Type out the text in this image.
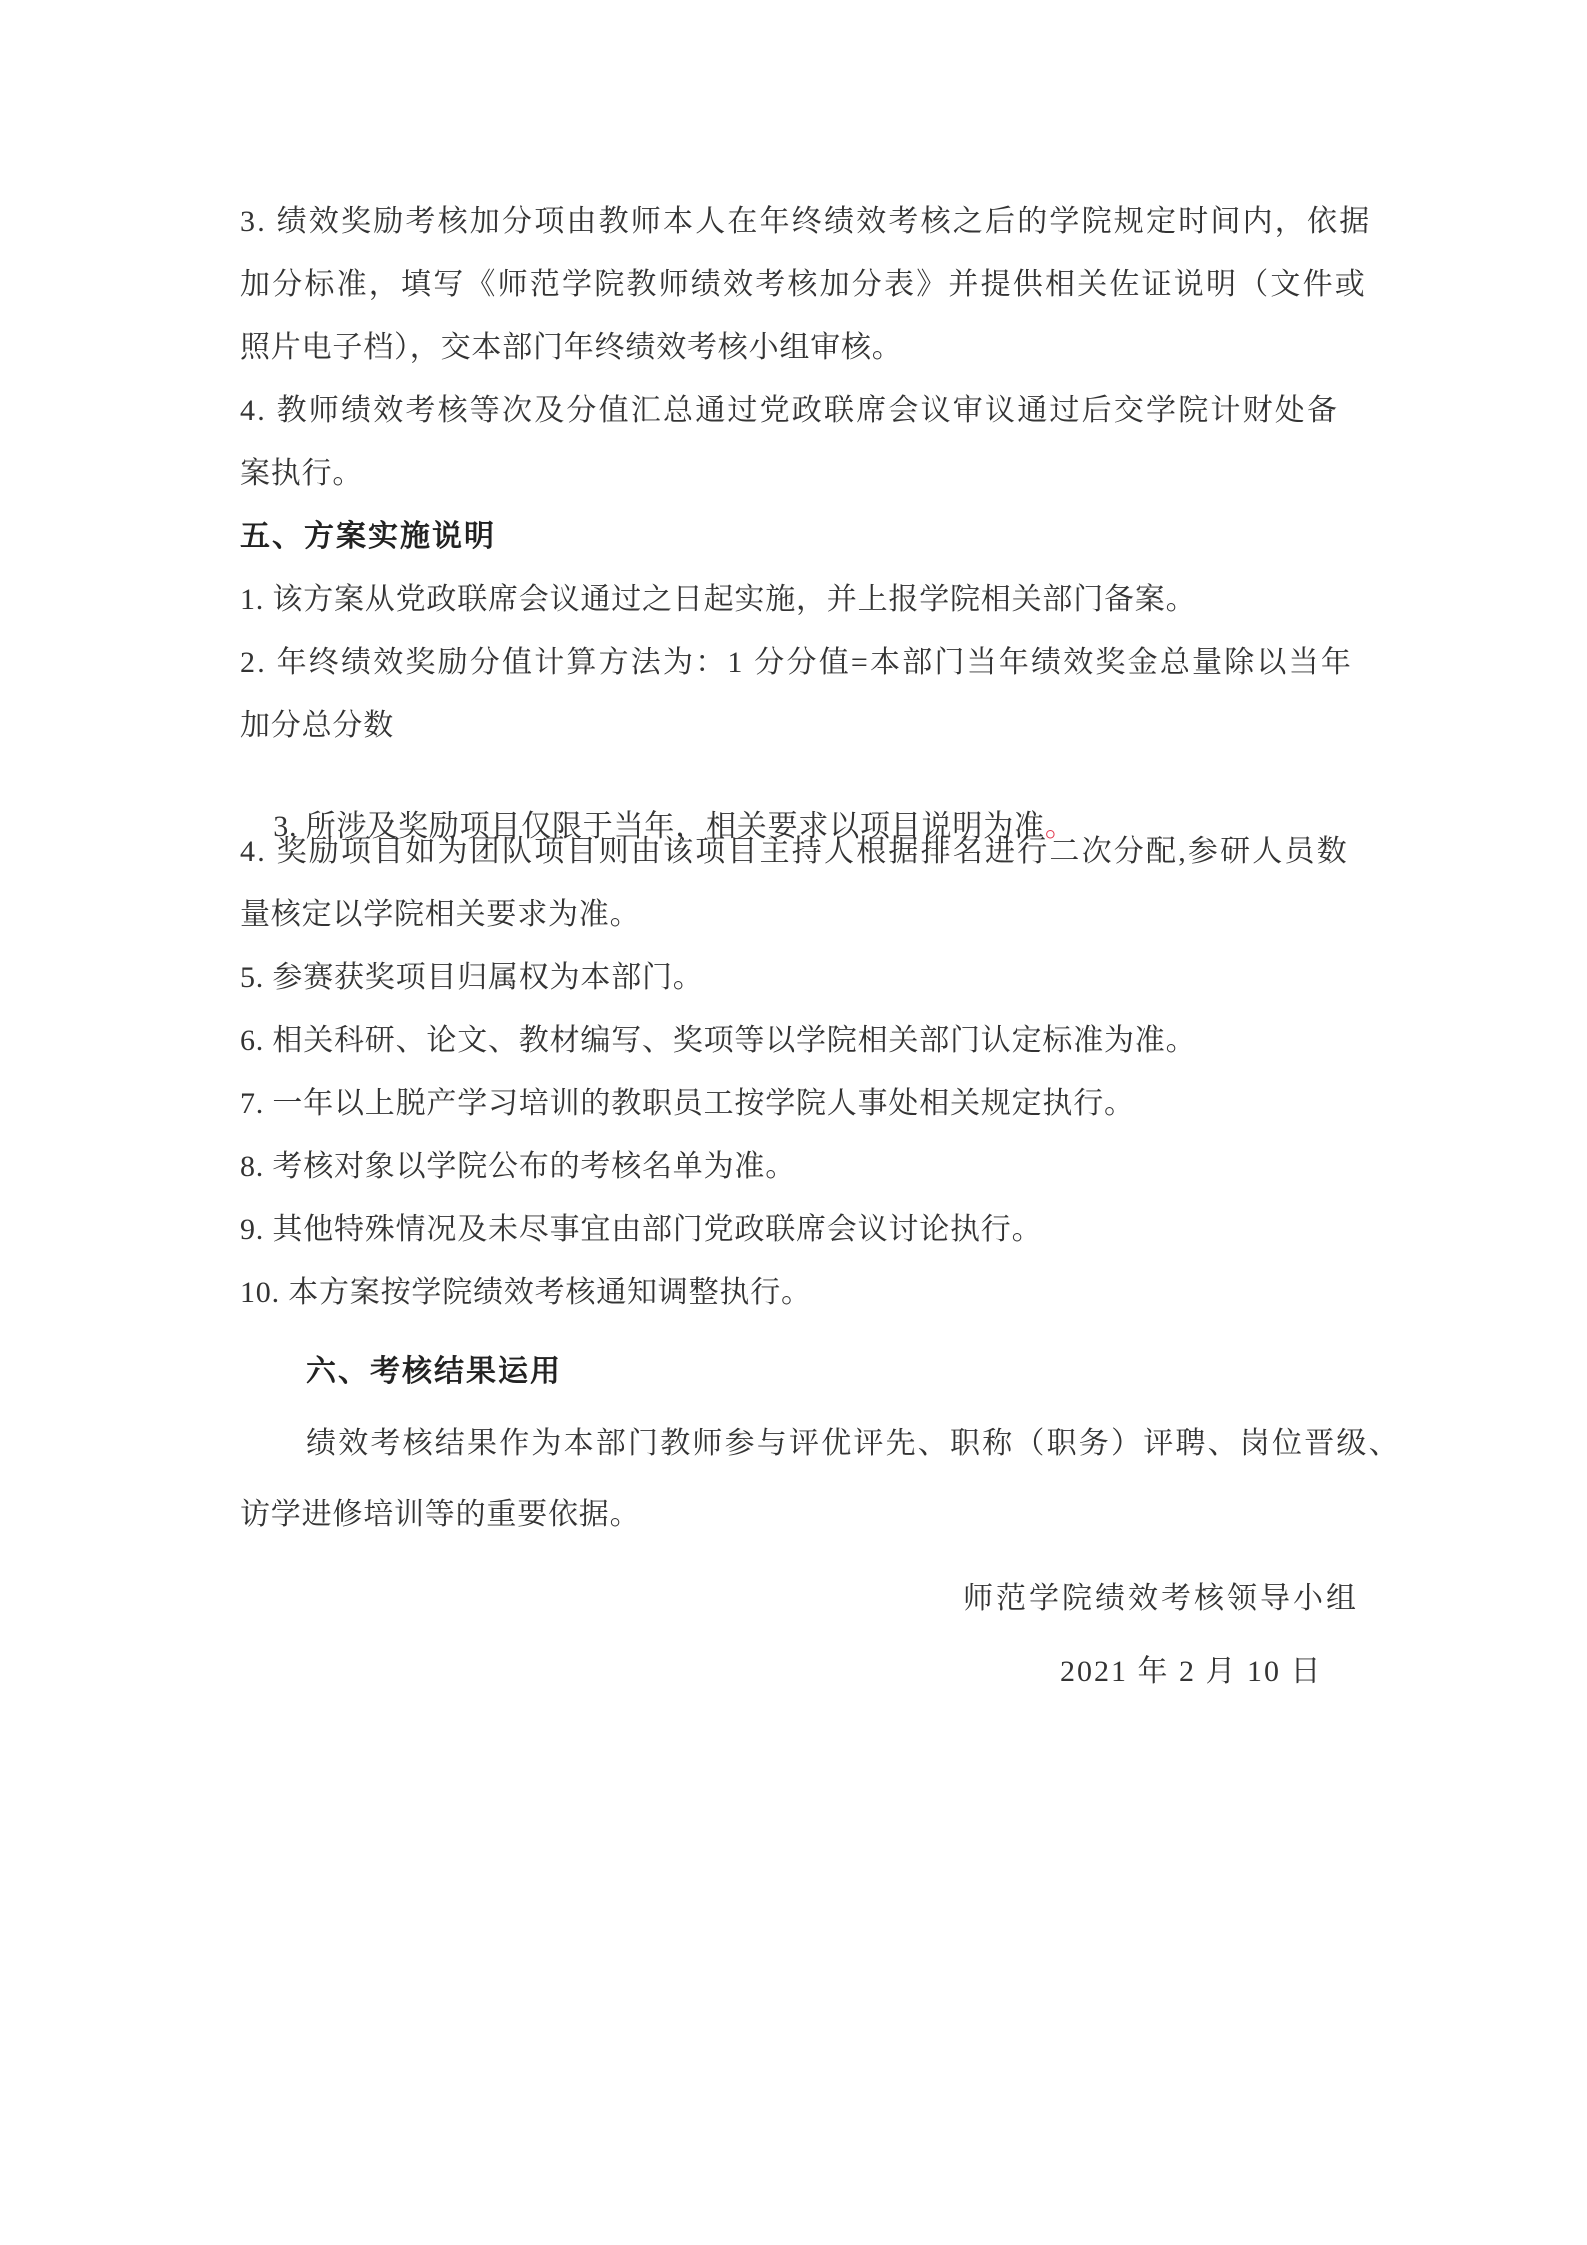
3. 绩效奖励考核加分项由教师本人在年终绩效考核之后的学院规定时间内，依据
加分标准，填写《师范学院教师绩效考核加分表》并提供相关佐证说明（文件或
照片电子档），交本部门年终绩效考核小组审核。
4. 教师绩效考核等次及分值汇总通过党政联席会议审议通过后交学院计财处备
案执行。
五、方案实施说明
1. 该方案从党政联席会议通过之日起实施，并上报学院相关部门备案。
2. 年终绩效奖励分值计算方法为：1 分分值=本部门当年绩效奖金总量除以当年
加分总分数

3. 所涉及奖励项目仅限于当年，相关要求以项目说明为准。

4. 奖励项目如为团队项目则由该项目主持人根据排名进行二次分配,参研人员数
量核定以学院相关要求为准。
5. 参赛获奖项目归属权为本部门。
6. 相关科研、论文、教材编写、奖项等以学院相关部门认定标准为准。
7. 一年以上脱产学习培训的教职员工按学院人事处相关规定执行。
8. 考核对象以学院公布的考核名单为准。
9. 其他特殊情况及未尽事宜由部门党政联席会议讨论执行。
10. 本方案按学院绩效考核通知调整执行。
六、考核结果运用
绩效考核结果作为本部门教师参与评优评先、职称（职务）评聘、岗位晋级、
访学进修培训等的重要依据。
师范学院绩效考核领导小组
2021 年 2 月 10 日
